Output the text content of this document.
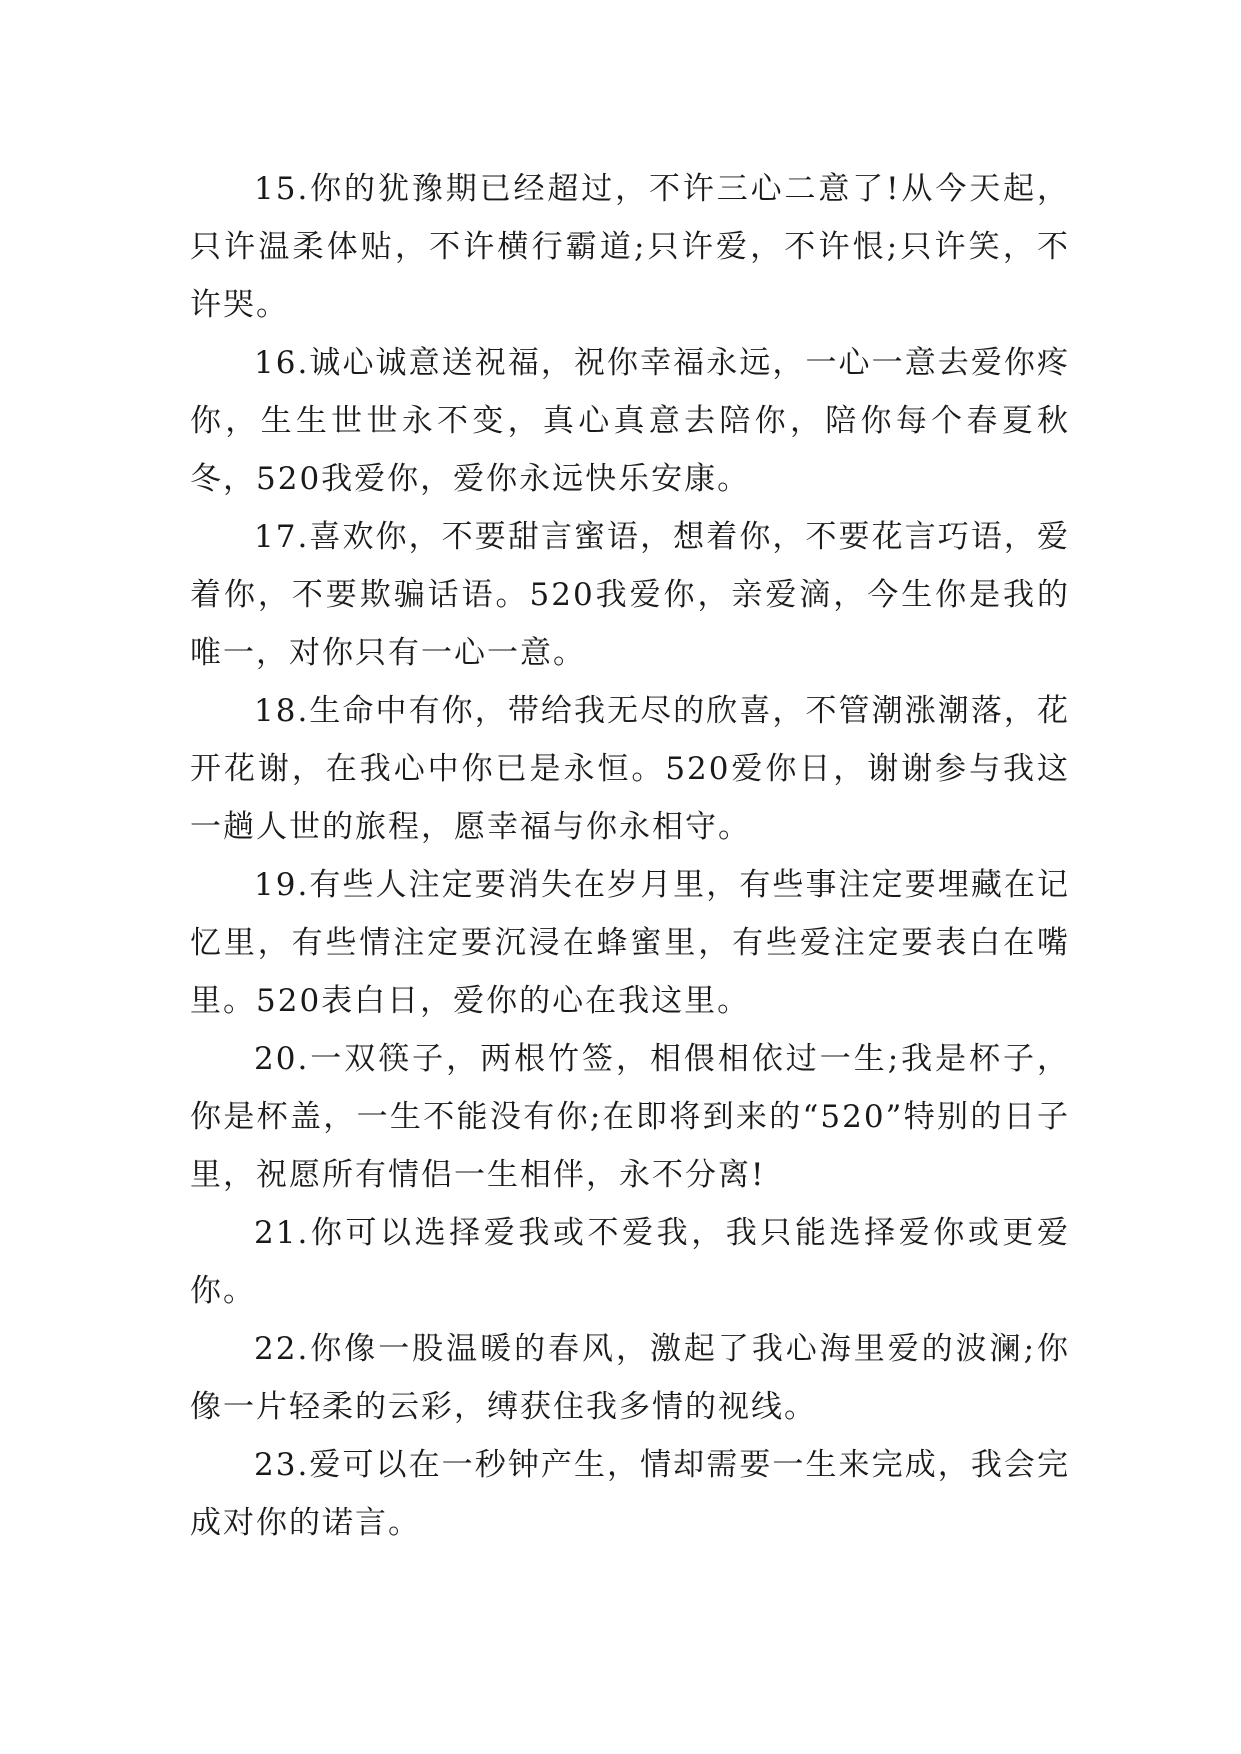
15.你的犹豫期已经超过，不许三心二意了!从今天起，只许温柔体贴，不许横行霸道;只许爱，不许恨;只许笑，不许哭。

16.诚心诚意送祝福，祝你幸福永远，一心一意去爱你疼你，生生世世永不变，真心真意去陪你，陪你每个春夏秋冬，520我爱你，爱你永远快乐安康。

17.喜欢你，不要甜言蜜语，想着你，不要花言巧语，爱着你，不要欺骗话语。520我爱你，亲爱滴，今生你是我的唯一，对你只有一心一意。

18.生命中有你，带给我无尽的欣喜，不管潮涨潮落，花开花谢，在我心中你已是永恒。520爱你日，谢谢参与我这一趟人世的旅程，愿幸福与你永相守。

19.有些人注定要消失在岁月里，有些事注定要埋藏在记忆里，有些情注定要沉浸在蜂蜜里，有些爱注定要表白在嘴里。520表白日，爱你的心在我这里。

20.一双筷子，两根竹签，相偎相依过一生;我是杯子，你是杯盖，一生不能没有你;在即将到来的“520”特别的日子里，祝愿所有情侣一生相伴，永不分离!

21.你可以选择爱我或不爱我，我只能选择爱你或更爱你。

22.你像一股温暖的春风，激起了我心海里爱的波澜;你像一片轻柔的云彩，缚获住我多情的视线。

23.爱可以在一秒钟产生，情却需要一生来完成，我会完成对你的诺言。
